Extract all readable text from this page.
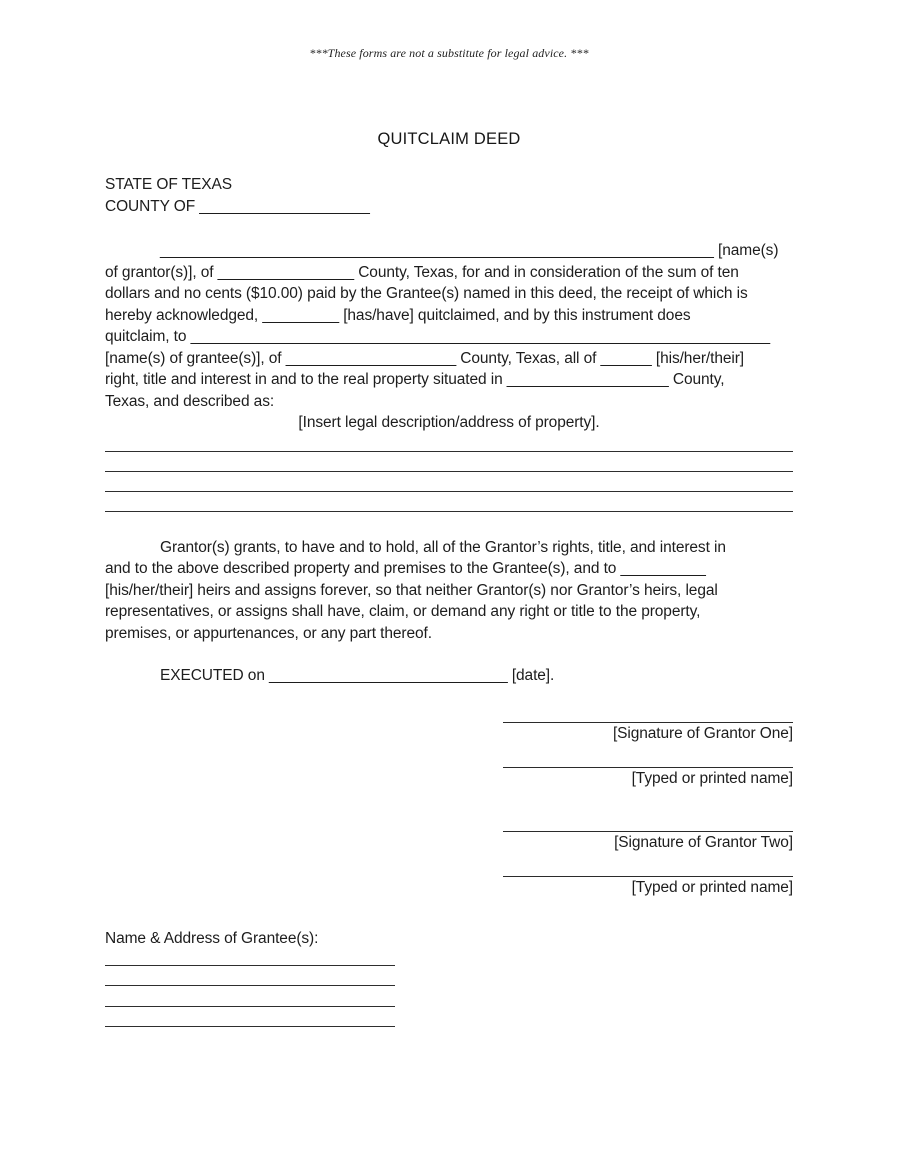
***These forms are not a substitute for legal advice. ***
QUITCLAIM DEED
STATE OF TEXAS
COUNTY OF ____________________
_________________________________________________________________ [name(s)
of grantor(s)], of ________________ County, Texas, for and in consideration of the sum of ten
dollars and no cents ($10.00) paid by the Grantee(s) named in this deed, the receipt of which is
hereby acknowledged, _________ [has/have] quitclaimed, and by this instrument does
quitclaim, to ____________________________________________________________________
[name(s) of grantee(s)], of ____________________ County, Texas, all of ______ [his/her/their]
right, title and interest in and to the real property situated in ___________________ County,
Texas, and described as:
[Insert legal description/address of property].
Grantor(s) grants, to have and to hold, all of the Grantor’s rights, title, and interest in
and to the above described property and premises to the Grantee(s), and to __________
[his/her/their] heirs and assigns forever, so that neither Grantor(s) nor Grantor’s heirs, legal
representatives, or assigns shall have, claim, or demand any right or title to the property,
premises, or appurtenances, or any part thereof.
EXECUTED on ____________________________ [date].
[Signature of Grantor One]
[Typed or printed name]
[Signature of Grantor Two]
[Typed or printed name]
Name & Address of Grantee(s):
